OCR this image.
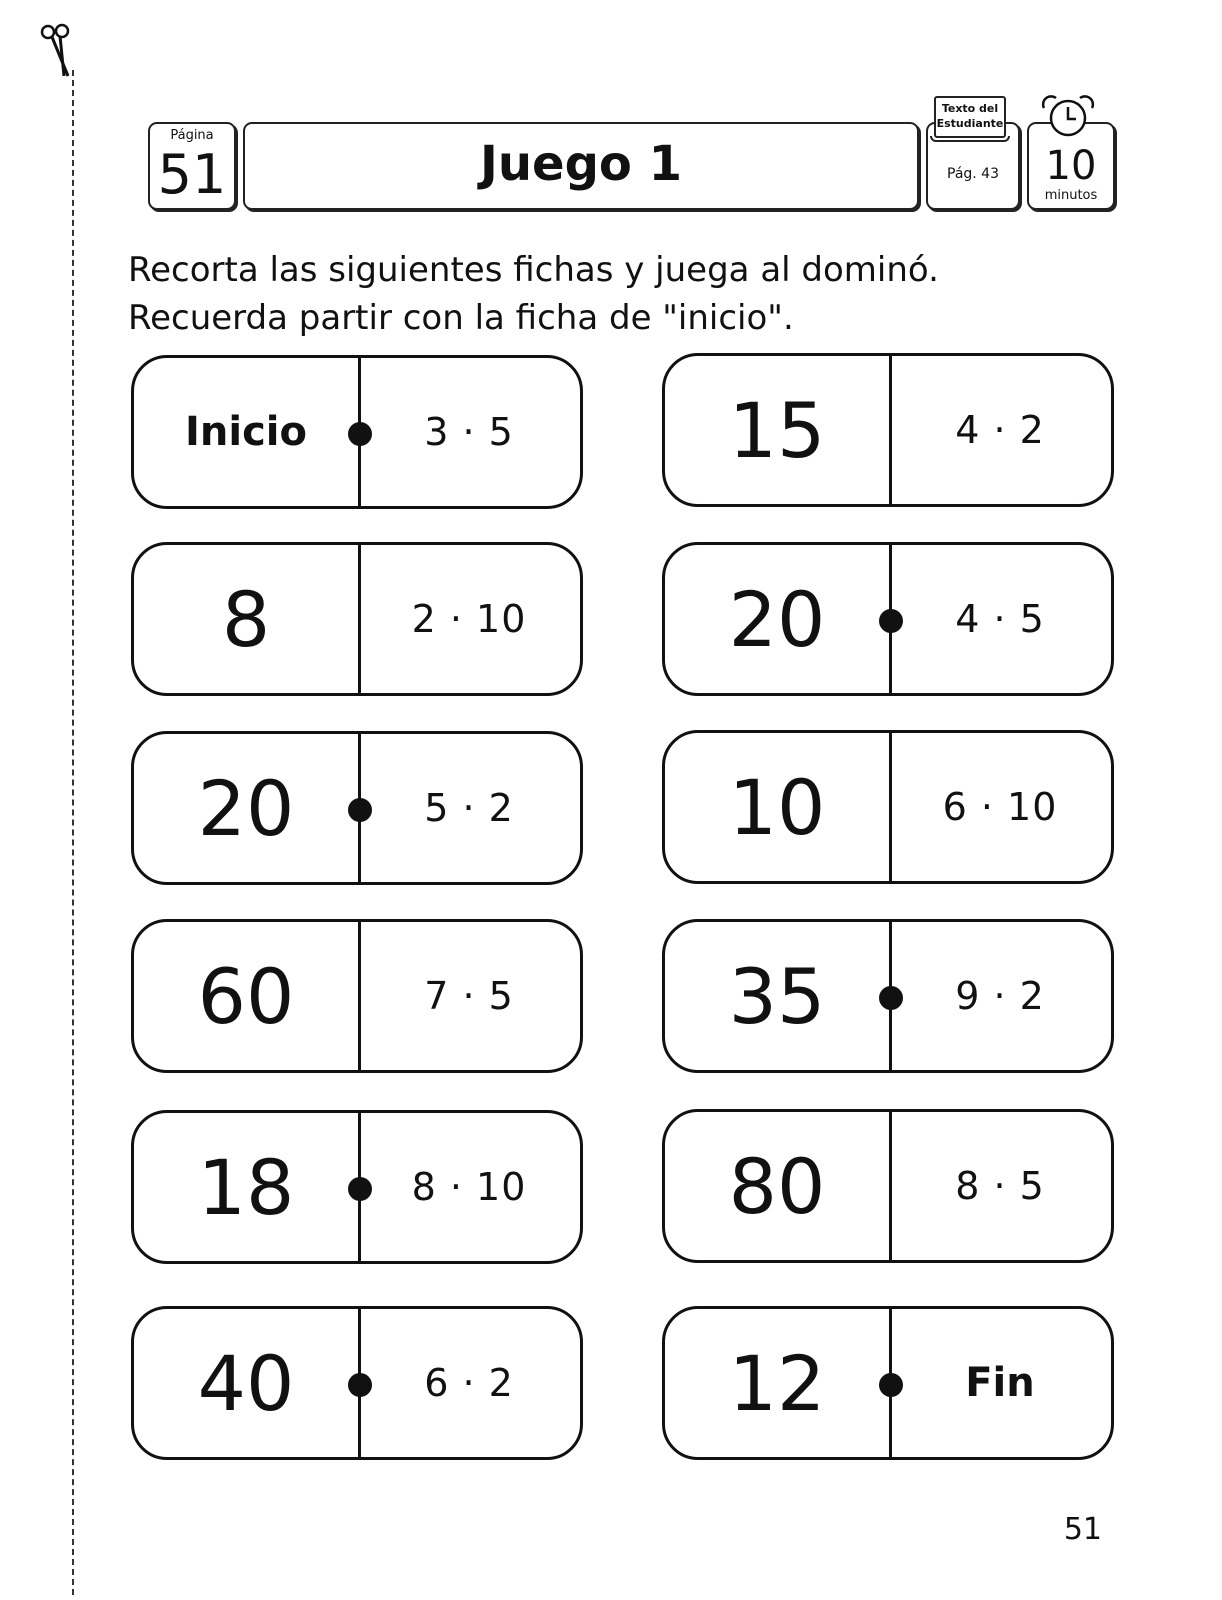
Página
51	Juego 1	Pág. 43
Texto del Estudiante
10
minutos
Recorta las siguientes fichas y juega al dominó.
Recuerda partir con la ficha de "inicio".
Inicio	3 · 5	15	4 · 2
8	2 · 10	20	4 · 5
20	5 · 2	10	6 · 10
60	7 · 5	35	9 · 2
18	8 · 10	80	8 · 5
40	6 · 2	12	Fin
51
